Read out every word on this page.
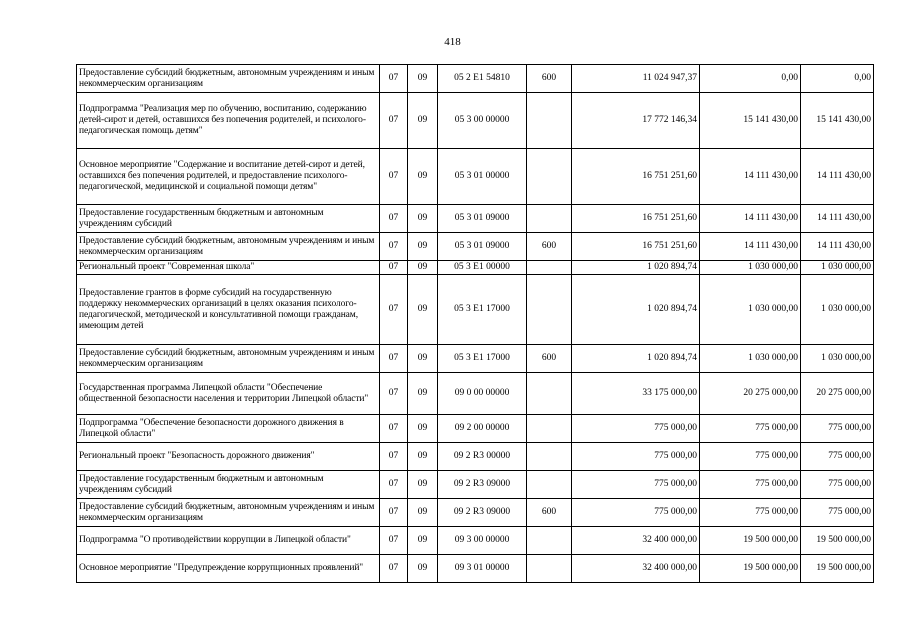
418
Предоставление субсидий бюджетным, автономным учреждениям и иным некоммерческим организациям	07	09	05 2 E1 54810	600	11 024 947,37	0,00	0,00
Подпрограмма "Реализация мер по обучению, воспитанию, содержанию детей-сирот и детей, оставшихся без попечения родителей, и психолого-педагогическая помощь детям"	07	09	05 3 00 00000		17 772 146,34	15 141 430,00	15 141 430,00
Основное мероприятие "Содержание и воспитание детей-сирот и детей, оставшихся без попечения родителей, и предоставление психолого-педагогической, медицинской и социальной помощи детям"	07	09	05 3 01 00000		16 751 251,60	14 111 430,00	14 111 430,00
Предоставление государственным бюджетным и автономным учреждениям субсидий	07	09	05 3 01 09000		16 751 251,60	14 111 430,00	14 111 430,00
Предоставление субсидий бюджетным, автономным учреждениям и иным некоммерческим организациям	07	09	05 3 01 09000	600	16 751 251,60	14 111 430,00	14 111 430,00
Региональный проект "Современная школа"	07	09	05 3 E1 00000		1 020 894,74	1 030 000,00	1 030 000,00
Предоставление грантов в форме субсидий на государственную поддержку некоммерческих организаций в целях оказания психолого-педагогической, методической и консультативной помощи гражданам, имеющим детей	07	09	05 3 E1 17000		1 020 894,74	1 030 000,00	1 030 000,00
Предоставление субсидий бюджетным, автономным учреждениям и иным некоммерческим организациям	07	09	05 3 E1 17000	600	1 020 894,74	1 030 000,00	1 030 000,00
Государственная программа Липецкой области "Обеспечение общественной безопасности населения и территории Липецкой области"	07	09	09 0 00 00000		33 175 000,00	20 275 000,00	20 275 000,00
Подпрограмма "Обеспечение безопасности дорожного движения в Липецкой области"	07	09	09 2 00 00000		775 000,00	775 000,00	775 000,00
Региональный проект "Безопасность дорожного движения"	07	09	09 2 R3 00000		775 000,00	775 000,00	775 000,00
Предоставление государственным бюджетным и автономным учреждениям субсидий	07	09	09 2 R3 09000		775 000,00	775 000,00	775 000,00
Предоставление субсидий бюджетным, автономным учреждениям и иным некоммерческим организациям	07	09	09 2 R3 09000	600	775 000,00	775 000,00	775 000,00
Подпрограмма "О противодействии коррупции в Липецкой области"	07	09	09 3 00 00000		32 400 000,00	19 500 000,00	19 500 000,00
Основное мероприятие "Предупреждение коррупционных проявлений"	07	09	09 3 01 00000		32 400 000,00	19 500 000,00	19 500 000,00
